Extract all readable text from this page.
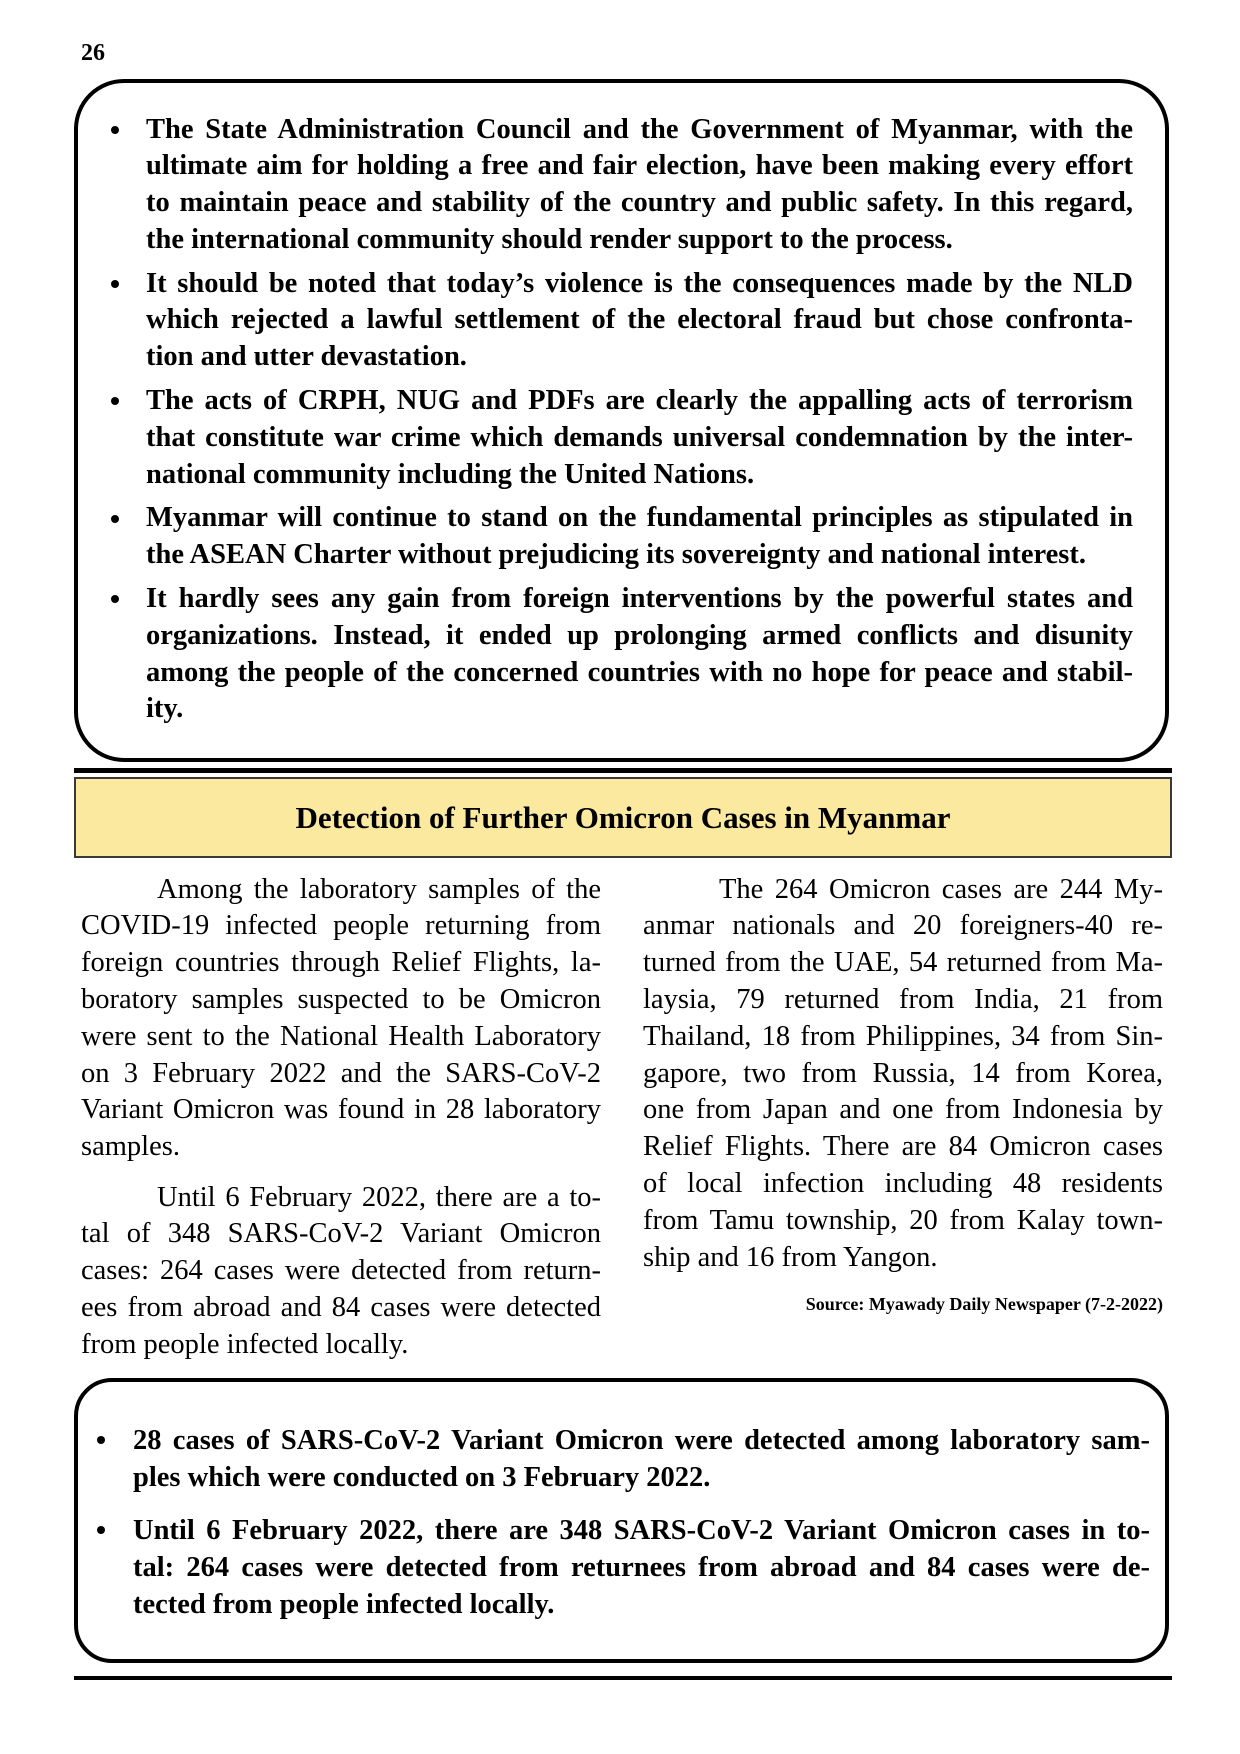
26
The State Administration Council and the Government of Myanmar, with the
ultimate aim for holding a free and fair election, have been making every effort
to maintain peace and stability of the country and public safety. In this regard,
the international community should render support to the process.
It should be noted that today’s violence is the consequences made by the NLD
which rejected a lawful settlement of the electoral fraud but chose confronta-
tion and utter devastation.
The acts of CRPH, NUG and PDFs are clearly the appalling acts of terrorism
that constitute war crime which demands universal condemnation by the inter-
national community including the United Nations.
Myanmar will continue to stand on the fundamental principles as stipulated in
the ASEAN Charter without prejudicing its sovereignty and national interest.
It hardly sees any gain from foreign interventions by the powerful states and
organizations. Instead, it ended up prolonging armed conflicts and disunity
among the people of the concerned countries with no hope for peace and stabil-
ity.
Detection of Further Omicron Cases in Myanmar
Among the laboratory samples of the
COVID-19 infected people returning from
foreign countries through Relief Flights, la-
boratory samples suspected to be Omicron
were sent to the National Health Laboratory
on 3 February 2022 and the SARS-CoV-2
Variant Omicron was found in 28 laboratory
samples.
Until 6 February 2022, there are a to-
tal of 348 SARS-CoV-2 Variant Omicron
cases: 264 cases were detected from return-
ees from abroad and 84 cases were detected
from people infected locally.
The 264 Omicron cases are 244 My-
anmar nationals and 20 foreigners-40 re-
turned from the UAE, 54 returned from Ma-
laysia, 79 returned from India, 21 from
Thailand, 18 from Philippines, 34 from Sin-
gapore, two from Russia, 14 from Korea,
one from Japan and one from Indonesia by
Relief Flights. There are 84 Omicron cases
of local infection including 48 residents
from Tamu township, 20 from Kalay town-
ship and 16 from Yangon.
Source: Myawady Daily Newspaper (7-2-2022)
28 cases of SARS-CoV-2 Variant Omicron were detected among laboratory sam-
ples which were conducted on 3 February 2022.
Until 6 February 2022, there are 348 SARS-CoV-2 Variant Omicron cases in to-
tal: 264 cases were detected from returnees from abroad and 84 cases were de-
tected from people infected locally.
